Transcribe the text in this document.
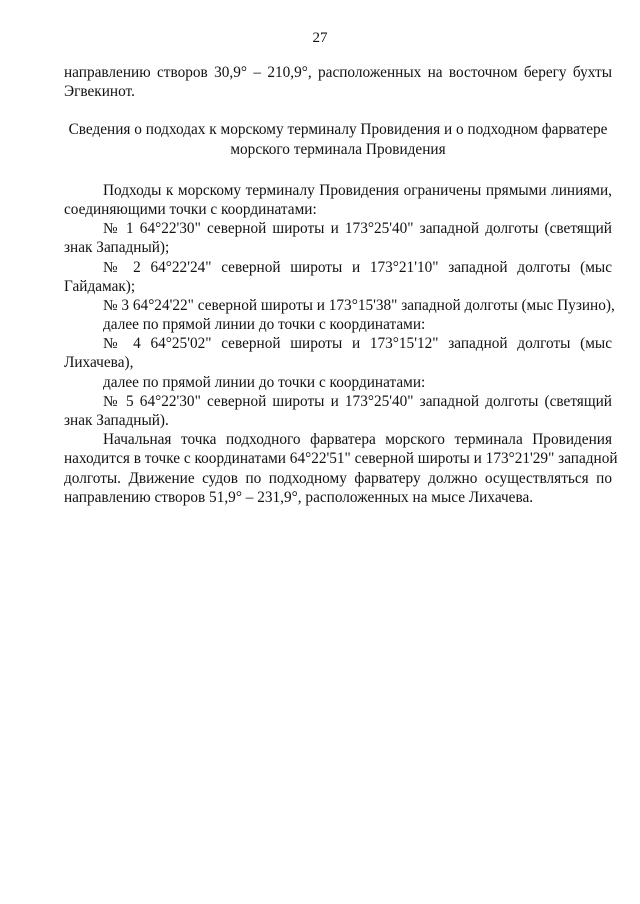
27
направлению створов 30,9° – 210,9°, расположенных на восточном берегу бухты
Эгвекинот.
Сведения о подходах к морскому терминалу Провидения и о подходном фарватере
морского терминала Провидения
Подходы к морскому терминалу Провидения ограничены прямыми линиями,
соединяющими точки с координатами:
№ 1 64°22'30" северной широты и 173°25'40" западной долготы (светящий
знак Западный);
№ 2 64°22'24" северной широты и 173°21'10" западной долготы (мыс
Гайдамак);
№ 3 64°24'22" северной широты и 173°15'38" западной долготы (мыс Пузино),
далее по прямой линии до точки с координатами:
№ 4 64°25'02" северной широты и 173°15'12" западной долготы (мыс
Лихачева),
далее по прямой линии до точки с координатами:
№ 5 64°22'30" северной широты и 173°25'40" западной долготы (светящий
знак Западный).
Начальная точка подходного фарватера морского терминала Провидения
находится в точке с координатами 64°22'51" северной широты и 173°21'29" западной
долготы. Движение судов по подходному фарватеру должно осуществляться по
направлению створов 51,9° – 231,9°, расположенных на мысе Лихачева.
